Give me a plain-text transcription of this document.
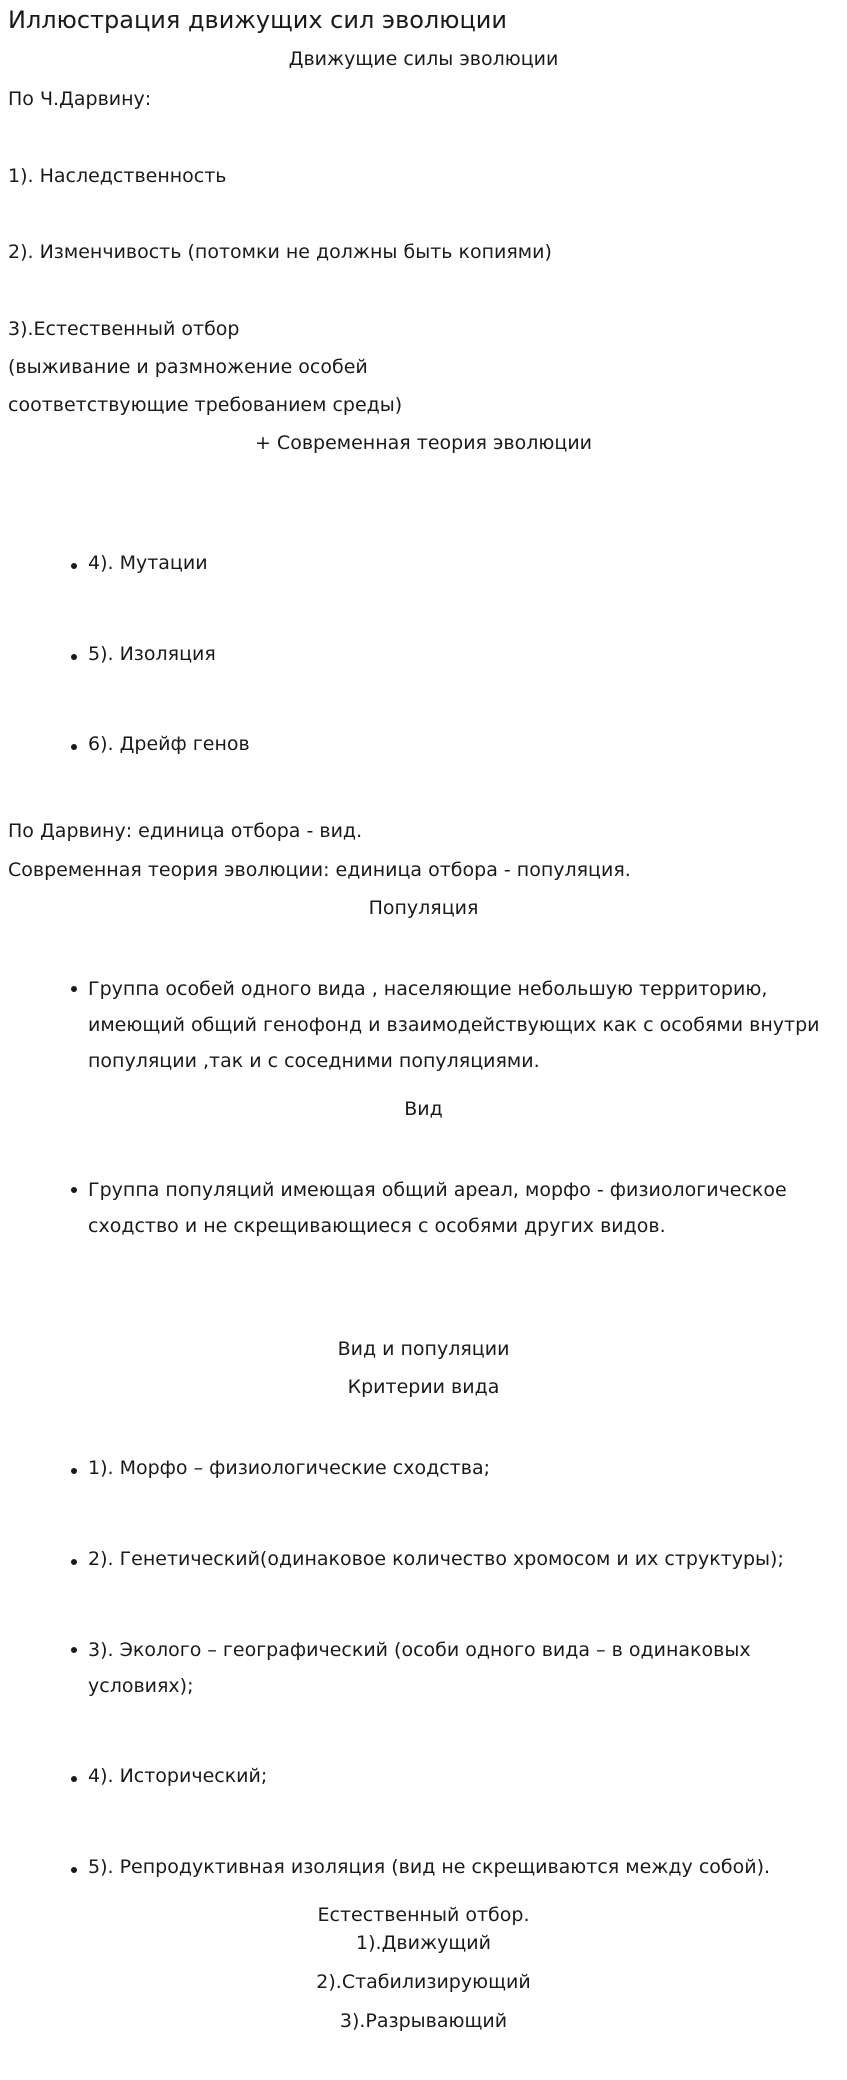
Иллюстрация движущих сил эволюции
Движущие силы эволюции
По Ч.Дарвину:
1). Наследственность
2). Изменчивость (потомки не должны быть копиями)
3).Естественный отбор
(выживание и размножение особей
соответствующие требованием среды)
+ Современная теория эволюции
4). Мутации
5). Изоляция
6). Дрейф генов
По Дарвину: единица отбора - вид.
Современная теория эволюции: единица отбора - популяция.
Популяция
Группа особей одного вида , населяющие небольшую территорию, имеющий общий генофонд и взаимодействующих как с особями внутри популяции ,так и с соседними популяциями.
Вид
Группа популяций имеющая общий ареал, морфо - физиологическое сходство и не скрещивающиеся с особями других видов.
Вид и популяции
Критерии вида
1). Морфо – физиологические сходства;
2). Генетический(одинаковое количество хромосом и их структуры);
3). Эколого – географический (особи одного вида – в одинаковых условиях);
4). Исторический;
5). Репродуктивная изоляция (вид не скрещиваются между собой).
Естественный отбор.
1).Движущий
2).Стабилизирующий
3).Разрывающий
